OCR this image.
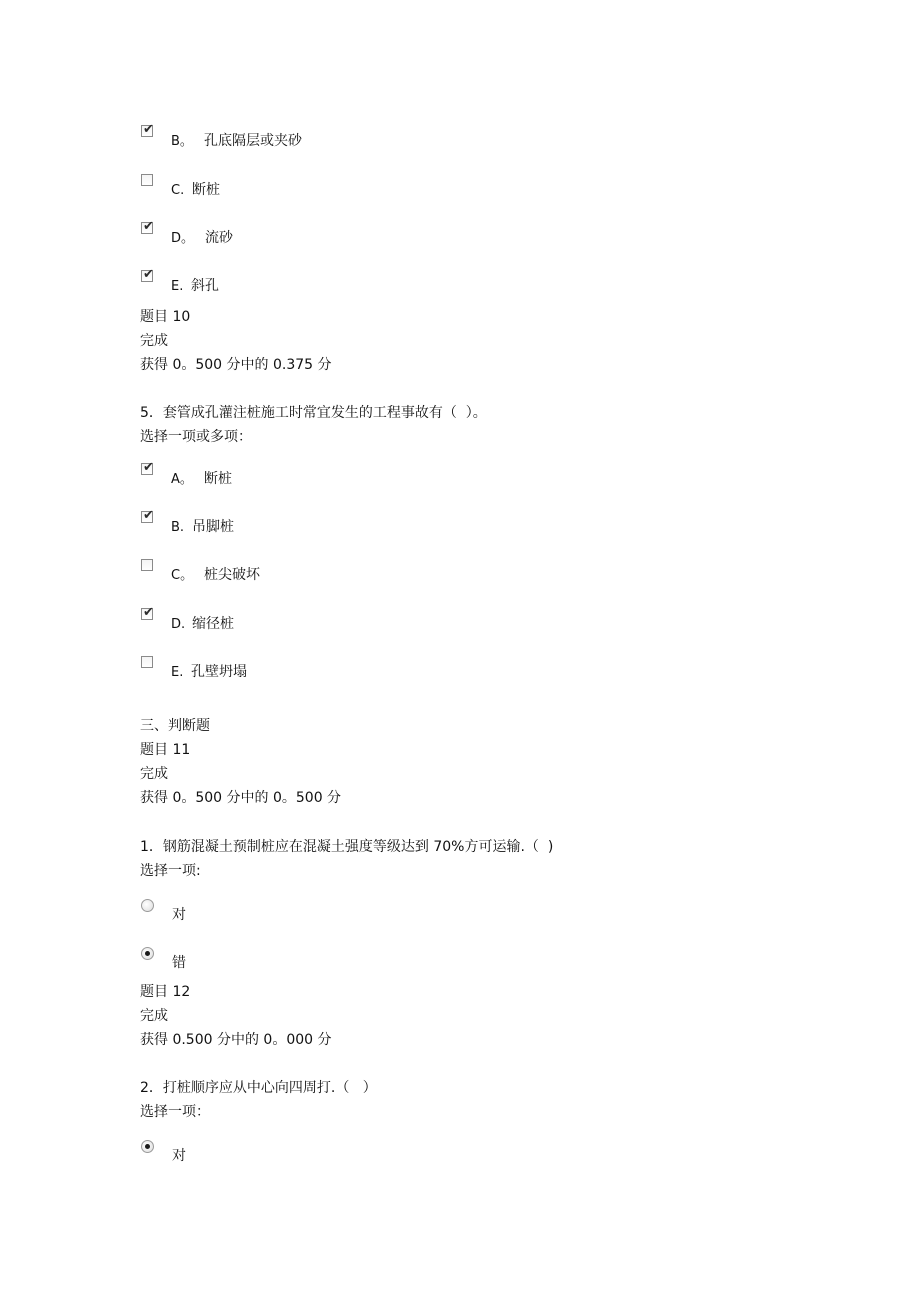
✔
B。 孔底隔层或夹砂
C. 断桩
✔
D。 流砂
✔
E. 斜孔
题目 10
完成
获得 0。500 分中的 0.375 分
5．套管成孔灌注桩施工时常宜发生的工程事故有（  ）。
选择一项或多项：
✔
A。 断桩
✔
B. 吊脚桩
C。 桩尖破坏
✔
D. 缩径桩
E. 孔壁坍塌
三、判断题
题目 11
完成
获得 0。500 分中的 0。500 分
1．钢筋混凝土预制桩应在混凝土强度等级达到 70%方可运输.（  )
选择一项:
对
错
题目 12
完成
获得 0.500 分中的 0。000 分
2．打桩顺序应从中心向四周打.（   ）
选择一项：
对
